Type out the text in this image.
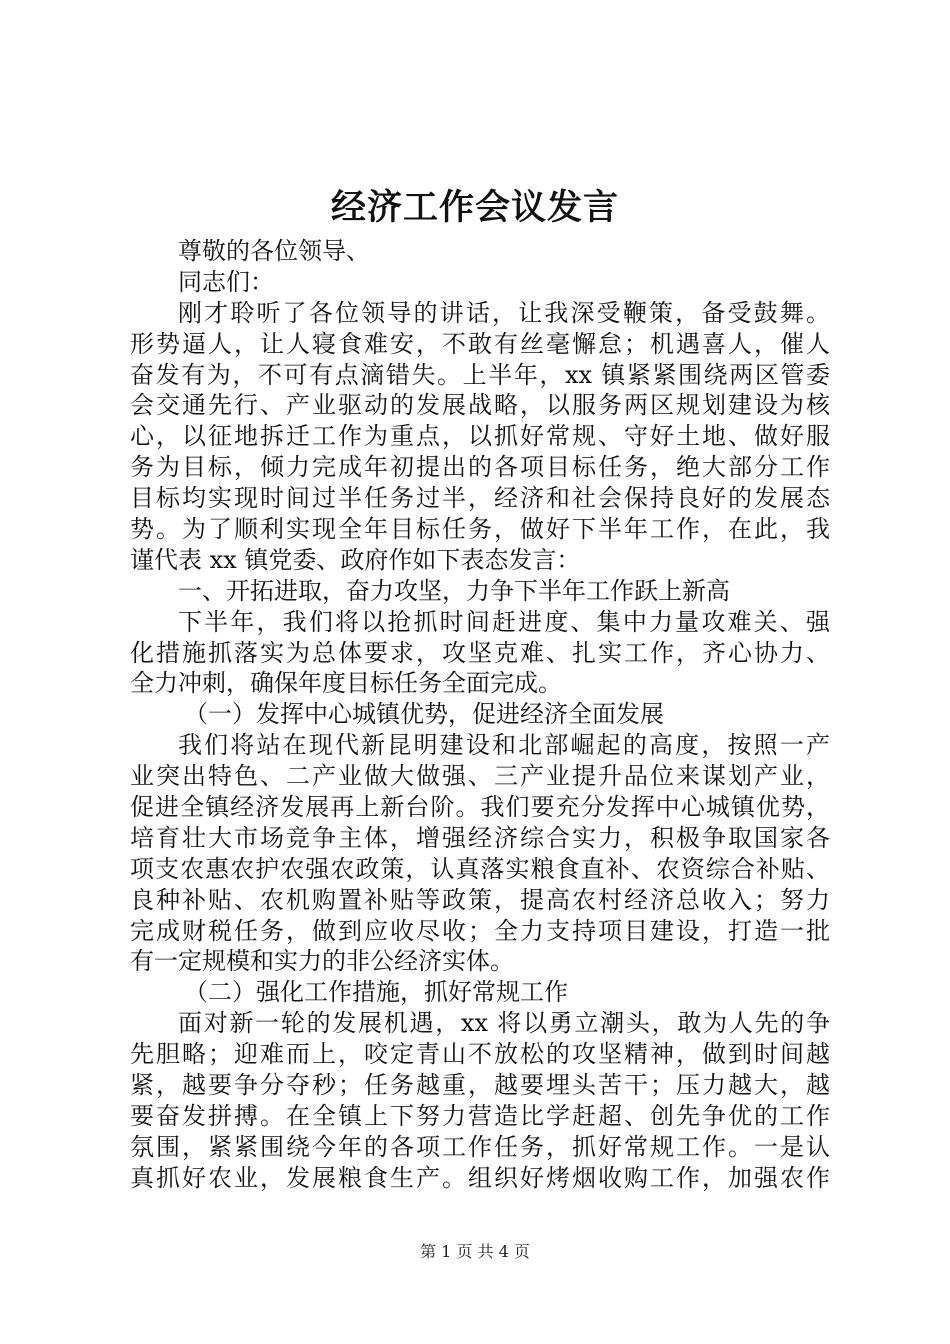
经济工作会议发言
尊敬的各位领导、
同志们：
刚才聆听了各位领导的讲话，让我深受鞭策，备受鼓舞。
形势逼人，让人寝食难安，不敢有丝毫懈怠；机遇喜人，催人
奋发有为，不可有点滴错失。上半年，xx 镇紧紧围绕两区管委
会交通先行、产业驱动的发展战略，以服务两区规划建设为核
心，以征地拆迁工作为重点，以抓好常规、守好土地、做好服
务为目标，倾力完成年初提出的各项目标任务，绝大部分工作
目标均实现时间过半任务过半，经济和社会保持良好的发展态
势。为了顺利实现全年目标任务，做好下半年工作，在此，我
谨代表 xx 镇党委、政府作如下表态发言：
一、开拓进取，奋力攻坚，力争下半年工作跃上新高
下半年，我们将以抢抓时间赶进度、集中力量攻难关、强
化措施抓落实为总体要求，攻坚克难、扎实工作，齐心协力、
全力冲刺，确保年度目标任务全面完成。
（一）发挥中心城镇优势，促进经济全面发展
我们将站在现代新昆明建设和北部崛起的高度，按照一产
业突出特色、二产业做大做强、三产业提升品位来谋划产业，
促进全镇经济发展再上新台阶。我们要充分发挥中心城镇优势，
培育壮大市场竞争主体，增强经济综合实力，积极争取国家各
项支农惠农护农强农政策，认真落实粮食直补、农资综合补贴、
良种补贴、农机购置补贴等政策，提高农村经济总收入；努力
完成财税任务，做到应收尽收；全力支持项目建设，打造一批
有一定规模和实力的非公经济实体。
（二）强化工作措施，抓好常规工作
面对新一轮的发展机遇，xx 将以勇立潮头，敢为人先的争
先胆略；迎难而上，咬定青山不放松的攻坚精神，做到时间越
紧，越要争分夺秒；任务越重，越要埋头苦干；压力越大，越
要奋发拼搏。在全镇上下努力营造比学赶超、创先争优的工作
氛围，紧紧围绕今年的各项工作任务，抓好常规工作。一是认
真抓好农业，发展粮食生产。组织好烤烟收购工作，加强农作
第 1 页 共 4 页
